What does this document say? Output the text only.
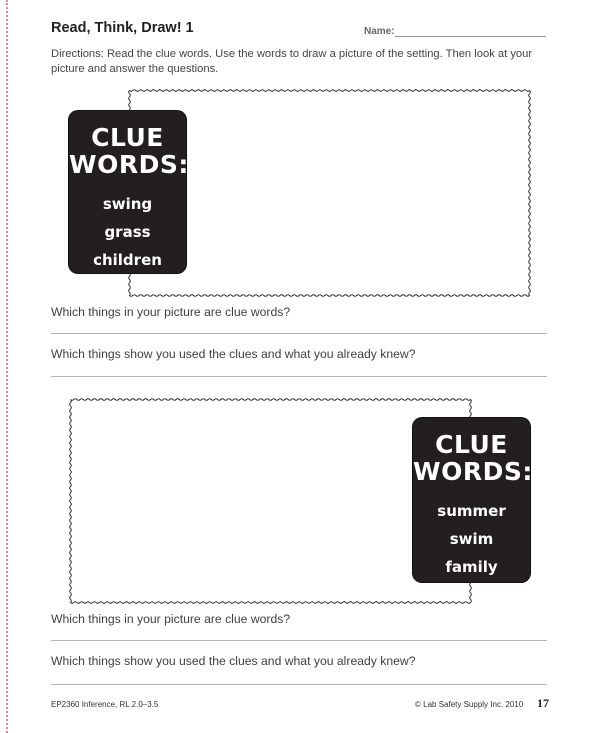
Read, Think, Draw! 1	Name:
Directions: Read the clue words. Use the words to draw a picture of the setting. Then look at your picture and answer the questions.
CLUE
WORDS:
swing
grass
children
Which things in your picture are clue words?
Which things show you used the clues and what you already knew?
CLUE
WORDS:
summer
swim
family
Which things in your picture are clue words?
Which things show you used the clues and what you already knew?
EP2360 Inference, RL 2.0–3.5	© Lab Safety Supply Inc. 2010 17
